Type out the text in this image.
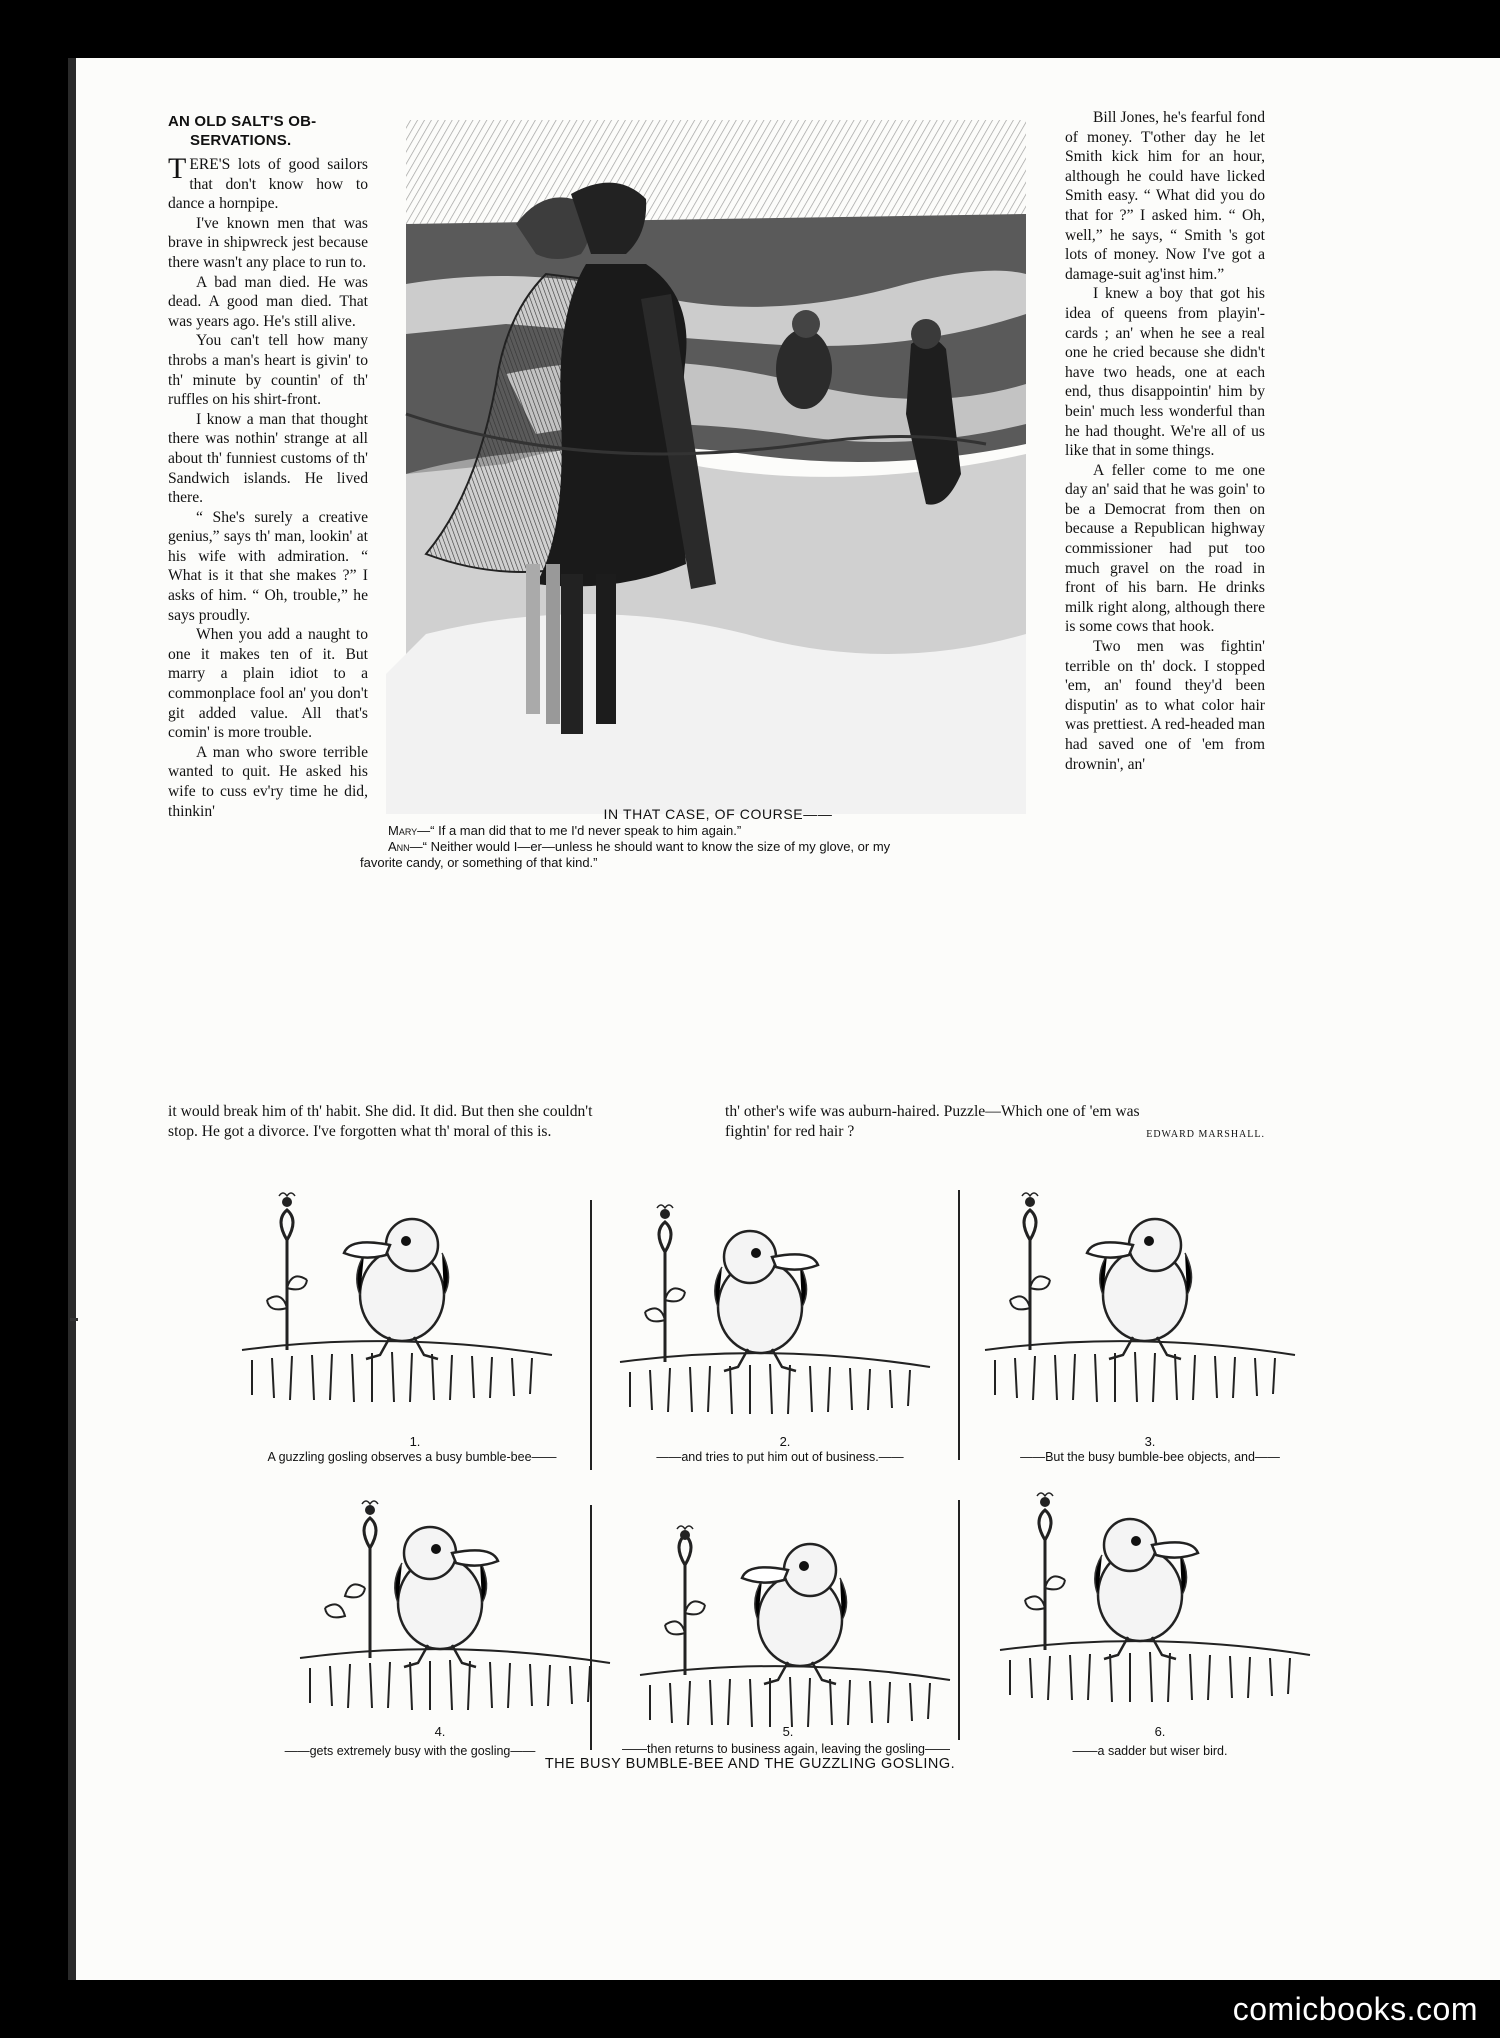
AN OLD SALT'S OB-
SERVATIONS.

TERE'S lots of good sailors that don't know how to dance a hornpipe.

I've known men that was brave in shipwreck jest because there wasn't any place to run to.

A bad man died. He was dead. A good man died. That was years ago. He's still alive.

You can't tell how many throbs a man's heart is givin' to th' minute by countin' of th' ruffles on his shirt-front.

I know a man that thought there was nothin' strange at all about th' funniest customs of th' Sandwich islands. He lived there.

“ She's surely a creative genius,” says th' man, lookin' at his wife with admiration. “ What is it that she makes ?” I asks of him. “ Oh, trouble,” he says proudly.

When you add a naught to one it makes ten of it. But marry a plain idiot to a commonplace fool an' you don't git added value. All that's comin' is more trouble.

A man who swore terrible wanted to quit. He asked his wife to cuss ev'ry time he did, thinkin'	IN THAT CASE, OF COURSE——

Mary—“ If a man did that to me I'd never speak to him again.”

Ann—“ Neither would I—er—unless he should want to know the size of my glove, or my

favorite candy, or something of that kind.”

Bill Jones, he's fearful fond of money. T'other day he let Smith kick him for an hour, although he could have licked Smith easy. “ What did you do that for ?” I asked him. “ Oh, well,” he says, “ Smith 's got lots of money. Now I've got a damage-suit ag'inst him.”

I knew a boy that got his idea of queens from playin'-cards ; an' when he see a real one he cried because she didn't have two heads, one at each end, thus disappointin' him by bein' much less wonderful than he had thought. We're all of us like that in some things.

A feller come to me one day an' said that he was goin' to be a Democrat from then on because a Republican highway commissioner had put too much gravel on the road in front of his barn. He drinks milk right along, although there is some cows that hook.

Two men was fightin' terrible on th' dock. I stopped 'em, an' found they'd been disputin' as to what color hair was prettiest. A red-headed man had saved one of 'em from drownin', an'

it would break him of th' habit. She did. It did. But then she couldn't	th' other's wife was auburn-haired. Puzzle—Which one of 'em was
stop. He got a divorce. I've forgotten what th' moral of this is.	fightin' for red hair ?	EDWARD MARSHALL.
1.
A guzzling gosling observes a busy bumble-bee——
2.
——and tries to put him out of business.——
3.
——But the busy bumble-bee objects, and——
4.
——gets extremely busy with the gosling——
5.
——then returns to business again, leaving the gosling——
6.
——a sadder but wiser bird.
THE BUSY BUMBLE-BEE AND THE GUZZLING GOSLING.
comicbooks.com
